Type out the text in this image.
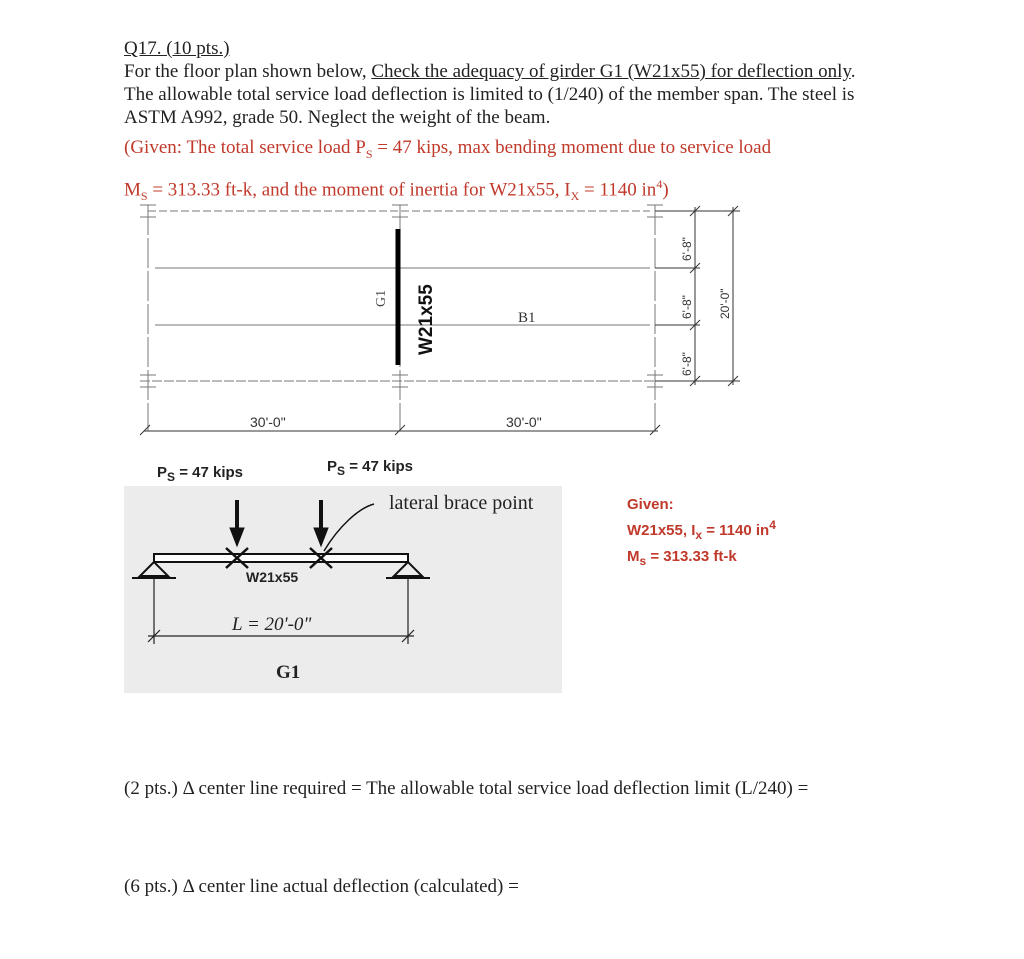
Q17. (10 pts.)
For the floor plan shown below, Check the adequacy of girder G1 (W21x55) for deflection only.
The allowable total service load deflection is limited to (1/240) of the member span. The steel is
ASTM A992, grade 50. Neglect the weight of the beam.
(Given: The total service load $P_S = 47$ kips, max bending moment due to service load
$M_S = 313.33$ ft-k, and the moment of inertia for W21x55, $I_X = 1140$ $in^4$)
G1 W21x55	B1
30'-0"	30'-0"
6'-8"
6'-8"
6'-8"
20'-0"
$P_S = 47$ kips	$P_S = 47$ kips
lateral brace point
W21x55
L = 20'-0"
G1
Given:
W21x55, $I_x = 1140$ $in^4$
$M_s = 313.33$ ft-k
(2 pts.) Δ center line required = The allowable total service load deflection limit (L/240) =
(6 pts.) Δ center line actual deflection (calculated) =
